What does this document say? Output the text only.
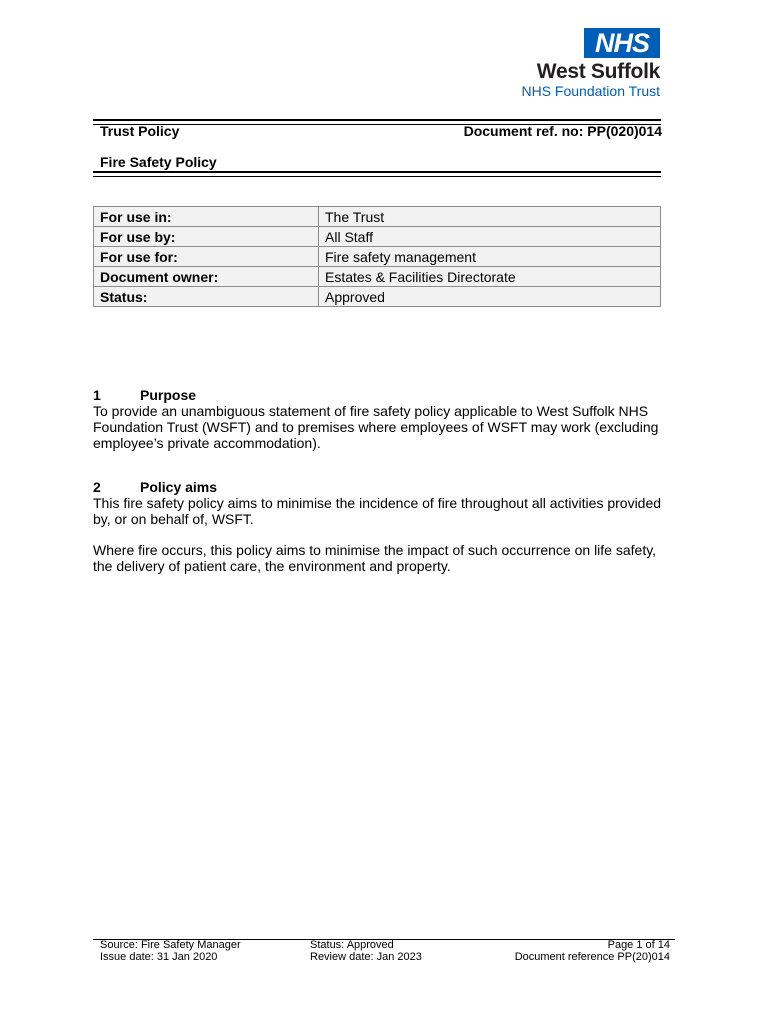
NHS
West Suffolk
NHS Foundation Trust
Trust Policy	Document ref. no: PP(020)014
Fire Safety Policy
For use in:	The Trust
For use by:	All Staff
For use for:	Fire safety management
Document owner:	Estates & Facilities Directorate
Status:	Approved
1	Purpose
To provide an unambiguous statement of fire safety policy applicable to West Suffolk NHS Foundation Trust (WSFT) and to premises where employees of WSFT may work (excluding employee’s private accommodation).
2	Policy aims
This fire safety policy aims to minimise the incidence of fire throughout all activities provided by, or on behalf of, WSFT.
Where fire occurs, this policy aims to minimise the impact of such occurrence on life safety, the delivery of patient care, the environment and property.
Source: Fire Safety Manager	Status: Approved	Page 1 of 14
Issue date: 31 Jan 2020	Review date: Jan 2023	Document reference PP(20)014
